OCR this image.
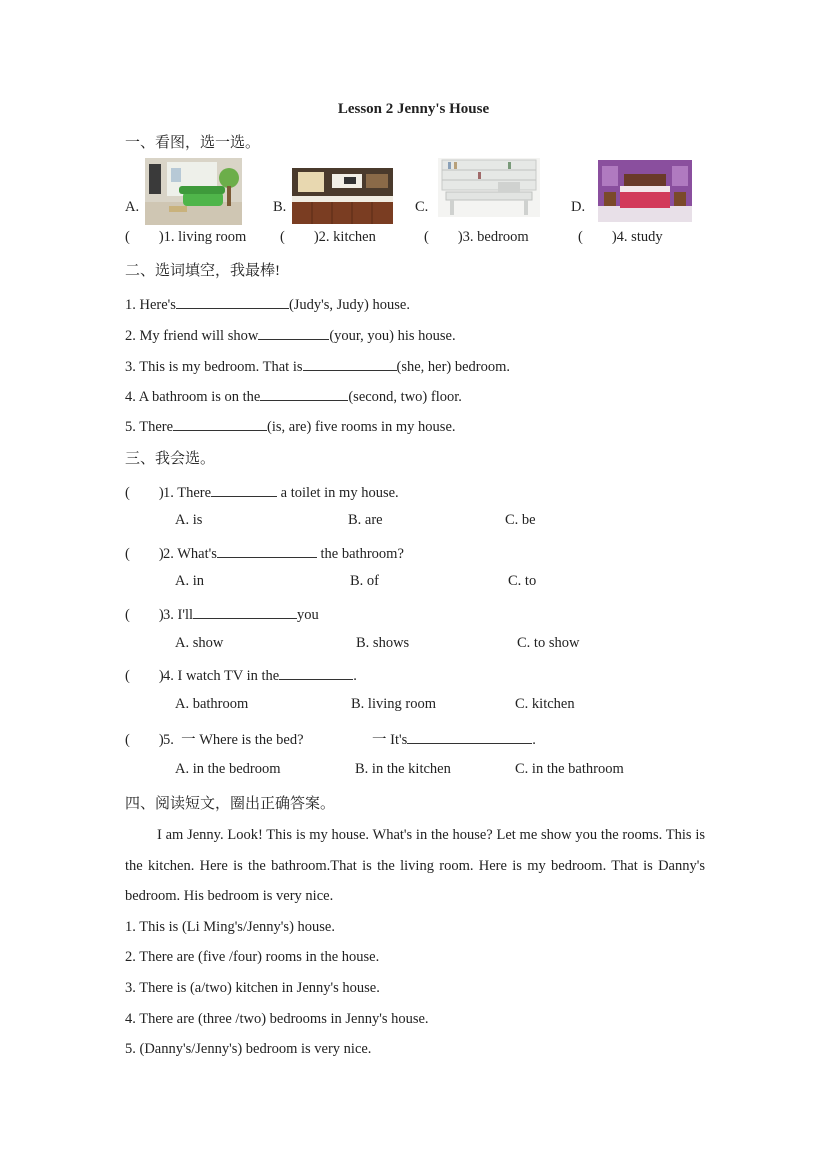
Lesson 2 Jenny's House
一、看图，选一选。
A.	B.	C.	D.
(        )1. living room (        )2. kitchen	(        )3. bedroom	(        )4. study
二、选词填空，我最棒!
1. Here's	(Judy's, Judy) house.
2. My friend will show	(your, you) his house.
3. This is my bedroom. That is	(she, her) bedroom.
4. A bathroom is on the	(second, two) floor.
5. There	(is, are) five rooms in my house.
三、我会选。
(        )1. There	a toilet in my house.
A. is	B. are	C. be
(        )2. What's	the bathroom?
A. in	B. of	C. to
(        )3. I'll	you
A. show	B. shows	C. to show
(        )4. I watch TV in the	.
A. bathroom	B. living room	C. kitchen
(        )5.  一 Where is the bed?	一 It's	.
A. in the bedroom	B. in the kitchen	C. in the bathroom
四、阅读短文，圈出正确答案。
I am Jenny. Look! This is my house. What's in the house? Let me show you the rooms. This is the kitchen. Here is the bathroom.That is the living room. Here is my bedroom. That is Danny's bedroom. His bedroom is very nice.
1. This is (Li Ming's/Jenny's) house.
2. There are (five /four) rooms in the house.
3. There is (a/two) kitchen in Jenny's house.
4. There are (three /two) bedrooms in Jenny's house.
5. (Danny's/Jenny's) bedroom is very nice.
